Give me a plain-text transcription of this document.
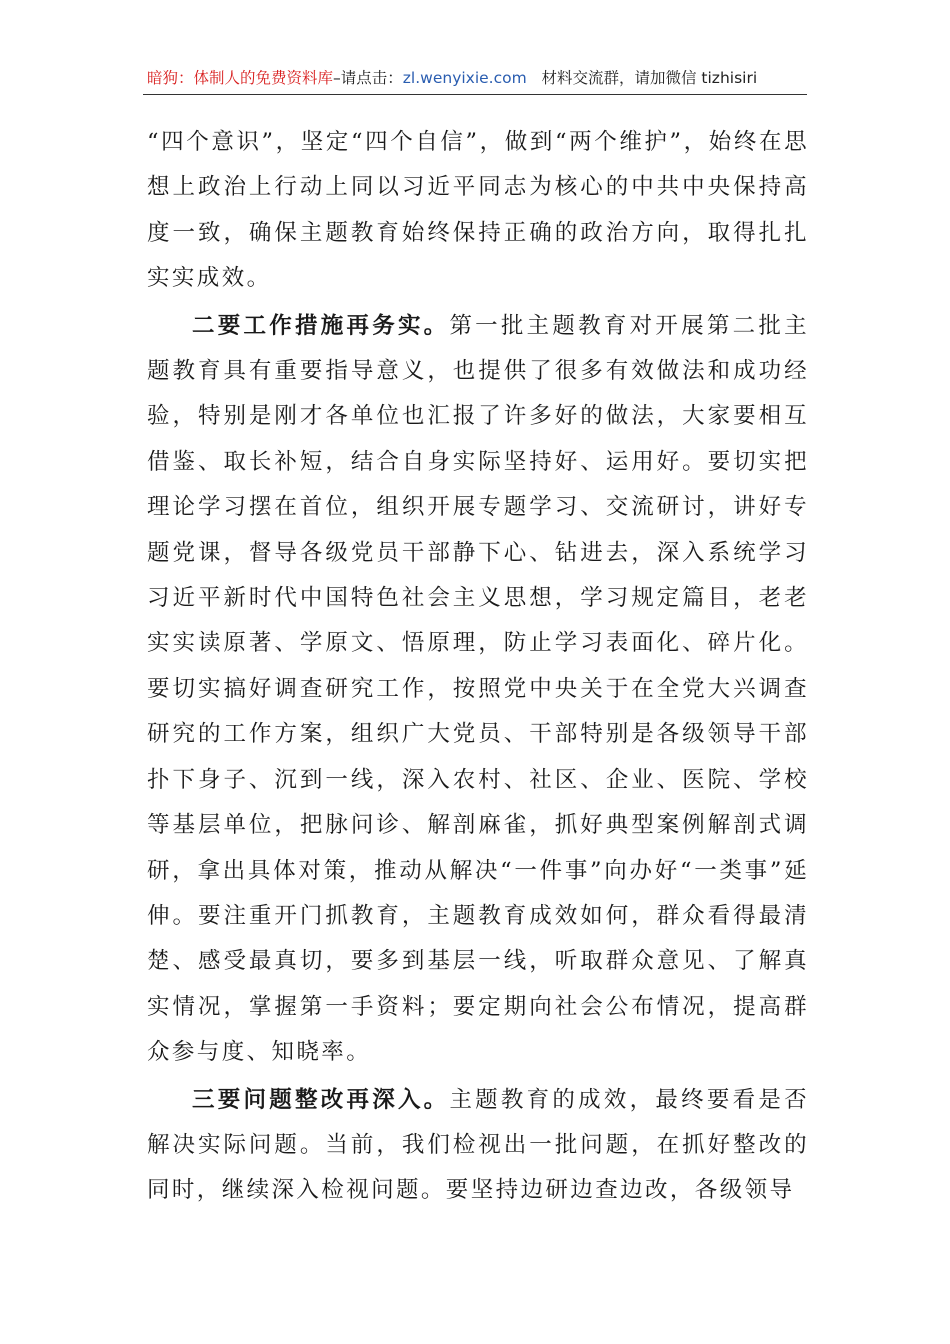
暗狗：体制人的免费资料库–请点击：zl.wenyixie.com 材料交流群，请加微信 tizhisiri

“四个意识”，坚定“四个自信”，做到“两个维护”，始终在思想上政治上行动上同以习近平同志为核心的中共中央保持高度一致，确保主题教育始终保持正确的政治方向，取得扎扎实实成效。

二要工作措施再务实。第一批主题教育对开展第二批主题教育具有重要指导意义，也提供了很多有效做法和成功经验，特别是刚才各单位也汇报了许多好的做法，大家要相互借鉴、取长补短，结合自身实际坚持好、运用好。要切实把理论学习摆在首位，组织开展专题学习、交流研讨，讲好专题党课，督导各级党员干部静下心、钻进去，深入系统学习习近平新时代中国特色社会主义思想，学习规定篇目，老老实实读原著、学原文、悟原理，防止学习表面化、碎片化。要切实搞好调查研究工作，按照党中央关于在全党大兴调查研究的工作方案，组织广大党员、干部特别是各级领导干部扑下身子、沉到一线，深入农村、社区、企业、医院、学校等基层单位，把脉问诊、解剖麻雀，抓好典型案例解剖式调研，拿出具体对策，推动从解决“一件事”向办好“一类事”延伸。要注重开门抓教育，主题教育成效如何，群众看得最清楚、感受最真切，要多到基层一线，听取群众意见、了解真实情况，掌握第一手资料；要定期向社会公布情况，提高群众参与度、知晓率。

三要问题整改再深入。主题教育的成效，最终要看是否解决实际问题。当前，我们检视出一批问题，在抓好整改的同时，继续深入检视问题。要坚持边研边查边改，各级领导
